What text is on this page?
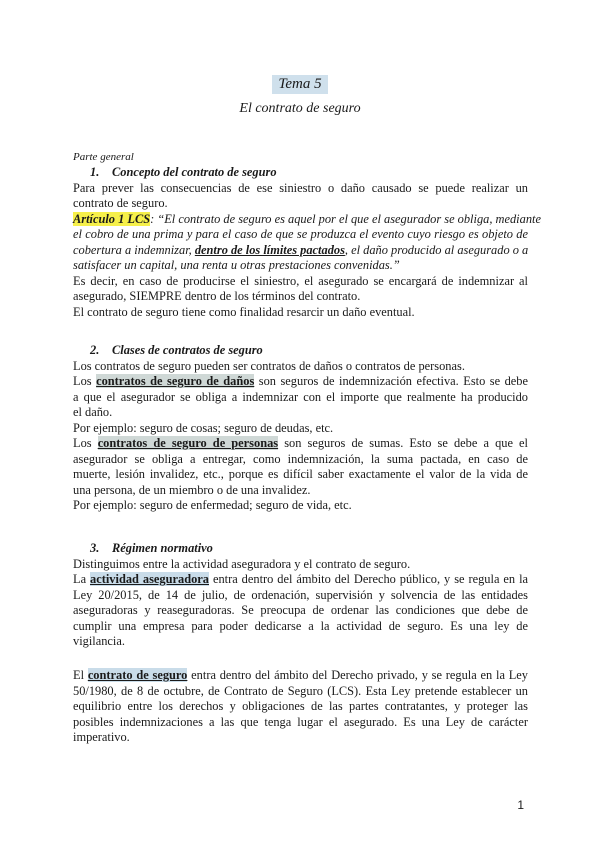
Tema 5
El contrato de seguro
Parte general
1. Concepto del contrato de seguro
Para prever las consecuencias de ese siniestro o daño causado se puede realizar un
contrato de seguro.
Artículo 1 LCS: “El contrato de seguro es aquel por el que el asegurador se obliga, mediante
el cobro de una prima y para el caso de que se produzca el evento cuyo riesgo es objeto de
cobertura a indemnizar, dentro de los límites pactados, el daño producido al asegurado o a
satisfacer un capital, una renta u otras prestaciones convenidas.”
Es decir, en caso de producirse el siniestro, el asegurado se encargará de indemnizar al
asegurado, SIEMPRE dentro de los términos del contrato.
El contrato de seguro tiene como finalidad resarcir un daño eventual.
2. Clases de contratos de seguro
Los contratos de seguro pueden ser contratos de daños o contratos de personas.
Los contratos de seguro de daños son seguros de indemnización efectiva. Esto se debe
a que el asegurador se obliga a indemnizar con el importe que realmente ha producido
el daño.
Por ejemplo: seguro de cosas; seguro de deudas, etc.
Los contratos de seguro de personas son seguros de sumas. Esto se debe a que el
asegurador se obliga a entregar, como indemnización, la suma pactada, en caso de
muerte, lesión invalidez, etc., porque es difícil saber exactamente el valor de la vida de
una persona, de un miembro o de una invalidez.
Por ejemplo: seguro de enfermedad; seguro de vida, etc.
3. Régimen normativo
Distinguimos entre la actividad aseguradora y el contrato de seguro.
La actividad aseguradora entra dentro del ámbito del Derecho público, y se regula en la
Ley 20/2015, de 14 de julio, de ordenación, supervisión y solvencia de las entidades
aseguradoras y reaseguradoras. Se preocupa de ordenar las condiciones que debe de
cumplir una empresa para poder dedicarse a la actividad de seguro. Es una ley de
vigilancia.
El contrato de seguro entra dentro del ámbito del Derecho privado, y se regula en la Ley
50/1980, de 8 de octubre, de Contrato de Seguro (LCS). Esta Ley pretende establecer un
equilibrio entre los derechos y obligaciones de las partes contratantes, y proteger las
posibles indemnizaciones a las que tenga lugar el asegurado. Es una Ley de carácter
imperativo.
1
